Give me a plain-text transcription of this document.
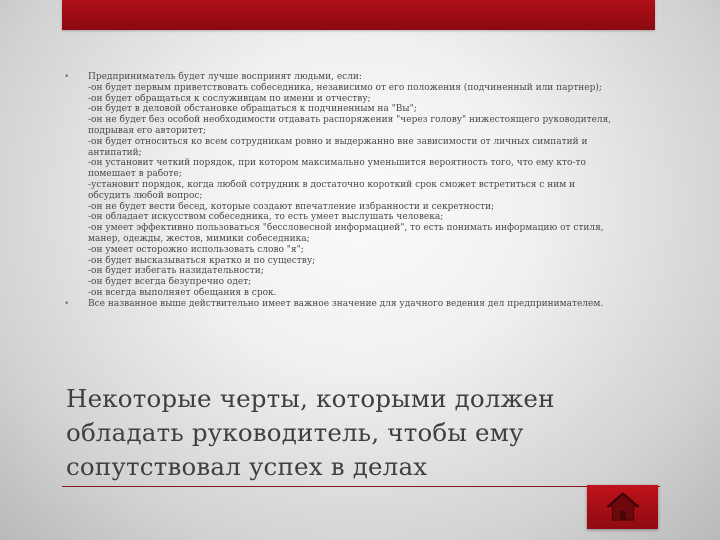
• Предприниматель будет лучше воспринят людьми, если:
-он будет первым приветствовать собеседника, независимо от его положения (подчиненный или партнер);
-он будет обращаться к сослуживцам по имени и отчеству;
-он будет в деловой обстановке обращаться к подчиненным на "Вы";
-он не будет без особой необходимости отдавать распоряжения "через голову" нижестоящего руководителя,
подрывая его авторитет;
-он будет относиться ко всем сотрудникам ровно и выдержанно вне зависимости от личных симпатий и
антипатий;
-он установит четкий порядок, при котором максимально уменьшится вероятность того, что ему кто-то
помешает в работе;
-установит порядок, когда любой сотрудник в достаточно короткий срок сможет встретиться с ним и
обсудить любой вопрос;
-он не будет вести бесед, которые создают впечатление избранности и секретности;
-он обладает искусством собеседника, то есть умеет выслушать человека;
-он умеет эффективно пользоваться "бессловесной информацией", то есть понимать информацию от стиля,
манер, одежды, жестов, мимики собеседника;
-он умеет осторожно использовать слово "я";
-он будет высказываться кратко и по существу;
-он будет избегать назидательности;
-он будет всегда безупречно одет;
-он всегда выполняет обещания в срок.
• Все названное выше действительно имеет важное значение для удачного ведения дел предпринимателем.
Некоторые черты, которыми должен
обладать руководитель, чтобы ему
сопутствовал успех в делах
